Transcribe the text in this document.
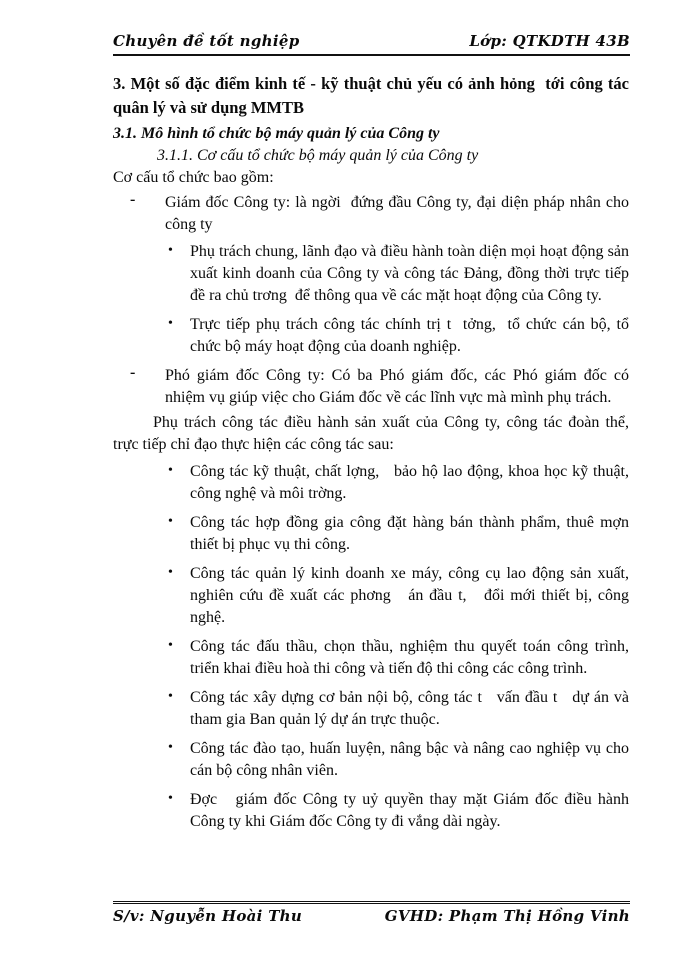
Chuyên đề tốt nghiệp	Lớp: QTKDTH 43B

3. Một số đặc điểm kinh tế - kỹ thuật chủ yếu có ảnh hỏng  tới công tác quân lý và sử dụng MMTB

3.1. Mô hình tổ chức bộ máy quản lý của Công ty

3.1.1. Cơ cấu tổ chức bộ máy quản lý của Công ty

Cơ cấu tổ chức bao gồm:

- Giám đốc Công ty: là ngời  đứng đầu Công ty, đại diện pháp nhân cho công ty
• Phụ trách chung, lãnh đạo và điều hành toàn diện mọi hoạt động sản xuất kinh doanh của Công ty và công tác Đảng, đồng thời trực tiếp đề ra chủ trơng  để thông qua về các mặt hoạt động của Công ty.
• Trực tiếp phụ trách công tác chính trị t  tởng,  tổ chức cán bộ, tổ chức bộ máy hoạt động của doanh nghiệp.
- Phó giám đốc Công ty: Có ba Phó giám đốc, các Phó giám đốc có nhiệm vụ giúp việc cho Giám đốc về các lĩnh vực mà mình phụ trách.

Phụ trách công tác điều hành sản xuất của Công ty, công tác đoàn thể, trực tiếp chỉ đạo thực hiện các công tác sau:

• Công tác kỹ thuật, chất lợng,   bảo hộ lao động, khoa học kỹ thuật, công nghệ và môi trờng.
• Công tác hợp đồng gia công đặt hàng bán thành phẩm, thuê mợn thiết bị phục vụ thi công.
• Công tác quản lý kinh doanh xe máy, công cụ lao động sản xuất, nghiên cứu đề xuất các phơng   án đầu t,   đổi mới thiết bị, công nghệ.
• Công tác đấu thầu, chọn thầu, nghiệm thu quyết toán công trình, triển khai điều hoà thi công và tiến độ thi công các công trình.
• Công tác xây dựng cơ bản nội bộ, công tác t   vấn đầu t   dự án và tham gia Ban quản lý dự án trực thuộc.
• Công tác đào tạo, huấn luyện, nâng bậc và nâng cao nghiệp vụ cho cán bộ công nhân viên.
• Đợc   giám đốc Công ty uỷ quyền thay mặt Giám đốc điều hành Công ty khi Giám đốc Công ty đi vắng dài ngày.
S/v: Nguyễn Hoài Thu	GVHD: Phạm Thị Hồng Vinh
